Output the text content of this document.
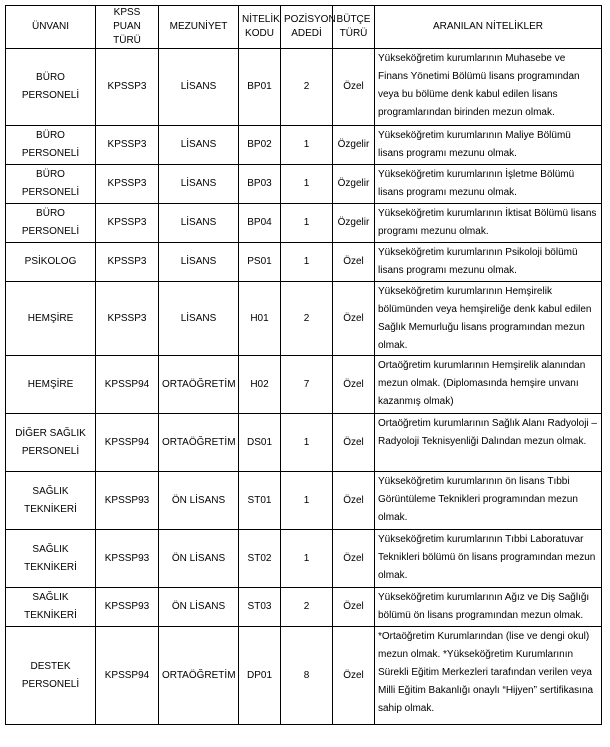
ÜNVANI	KPSS PUAN TÜRÜ	MEZUNİYET	NİTELİK KODU	POZİSYON ADEDİ	BÜTÇE TÜRÜ	ARANILAN NİTELİKLER
BÜRO PERSONELİ	KPSSP3	LİSANS	BP01	2	Özel	Yükseköğretim kurumlarının Muhasebe ve Finans Yönetimi Bölümü lisans programından veya bu bölüme denk kabul edilen lisans programlarından birinden mezun olmak.
BÜRO PERSONELİ	KPSSP3	LİSANS	BP02	1	Özgelir	Yükseköğretim kurumlarının Maliye Bölümü lisans programı mezunu olmak.
BÜRO PERSONELİ	KPSSP3	LİSANS	BP03	1	Özgelir	Yükseköğretim kurumlarının İşletme Bölümü lisans programı mezunu olmak.
BÜRO PERSONELİ	KPSSP3	LİSANS	BP04	1	Özgelir	Yükseköğretim kurumlarının İktisat Bölümü lisans programı mezunu olmak.
PSİKOLOG	KPSSP3	LİSANS	PS01	1	Özel	Yükseköğretim kurumlarının Psikoloji bölümü lisans programı mezunu olmak.
HEMŞİRE	KPSSP3	LİSANS	H01	2	Özel	Yükseköğretim kurumlarının Hemşirelik bölümünden veya hemşireliğe denk kabul edilen Sağlık Memurluğu lisans programından mezun olmak.
HEMŞİRE	KPSSP94	ORTAÖĞRETİM	H02	7	Özel	Ortaöğretim kurumlarının Hemşirelik alanından mezun olmak. (Diplomasında hemşire unvanı kazanmış olmak)
DİĞER SAĞLIK PERSONELİ	KPSSP94	ORTAÖĞRETİM	DS01	1	Özel	Ortaöğretim kurumlarının Sağlık Alanı Radyoloji – Radyoloji Teknisyenliği Dalından mezun olmak.
SAĞLIK TEKNİKERİ	KPSSP93	ÖN LİSANS	ST01	1	Özel	Yükseköğretim kurumlarının ön lisans Tıbbi Görüntüleme Teknikleri programından mezun olmak.
SAĞLIK TEKNİKERİ	KPSSP93	ÖN LİSANS	ST02	1	Özel	Yükseköğretim kurumlarının Tıbbi Laboratuvar Teknikleri bölümü ön lisans programından mezun olmak.
SAĞLIK TEKNİKERİ	KPSSP93	ÖN LİSANS	ST03	2	Özel	Yükseköğretim kurumlarının Ağız ve Diş Sağlığı bölümü ön lisans programından mezun olmak.
DESTEK PERSONELİ	KPSSP94	ORTAÖĞRETİM	DP01	8	Özel	*Ortaöğretim Kurumlarından (lise ve dengi okul) mezun olmak. *Yükseköğretim Kurumlarının Sürekli Eğitim Merkezleri tarafından verilen veya Milli Eğitim Bakanlığı onaylı “Hijyen” sertifikasına sahip olmak.
